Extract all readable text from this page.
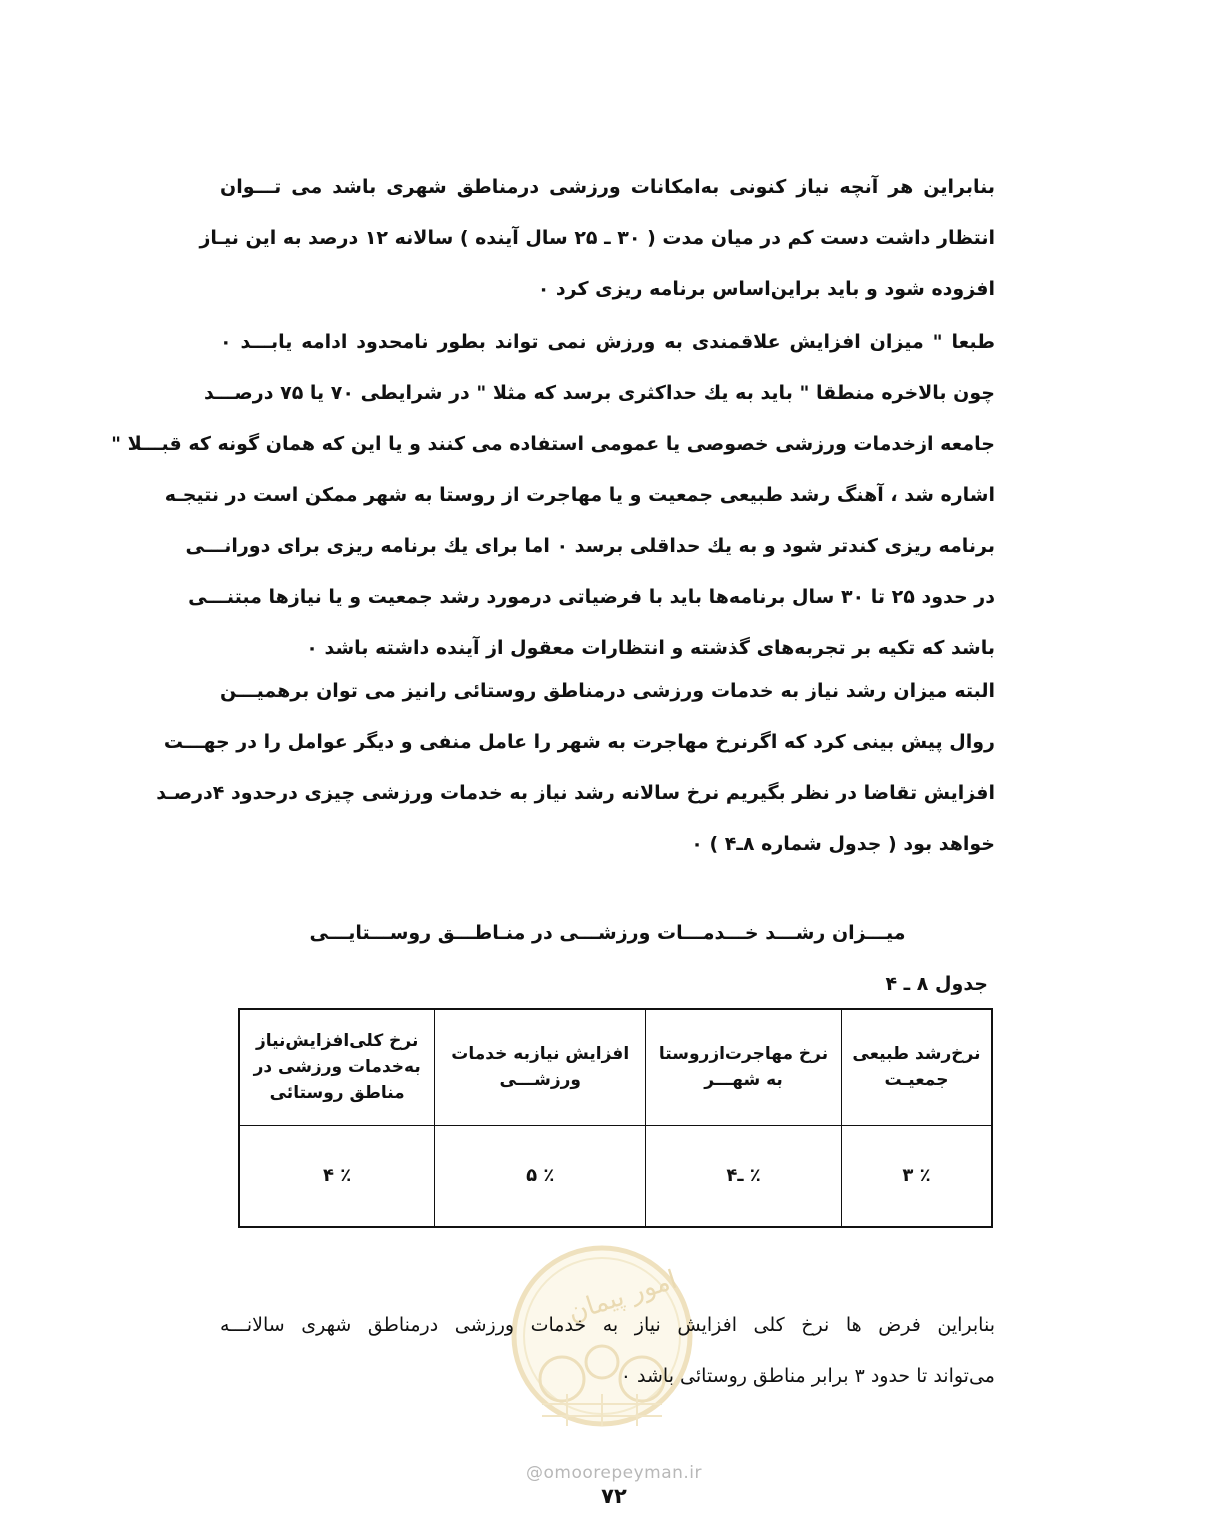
بنابراین هر آنچه نیاز کنونی به‌امکانات ورزشی درمناطق شهری باشد می تـــوان
انتظار داشت دست کم در میان مدت ( ۳۰ ـ ۲۵ سال آینده ) سالانه ۱۲ درصد به این نیـاز
افزوده شود و باید براین‌اساس برنامه ریزی کرد ۰
طبعا " میزان افزایش علاقمندی به ورزش نمی تواند بطور نامحدود ادامه یابـــد ۰
چون بالاخره منطقا " باید به یك حداکثری برسد که مثلا " در شرایطی ۷۰ یا ۷۵ درصـــد
جامعه ازخدمات ورزشی خصوصی یا عمومی استفاده می کنند و یا این که همان گونه که قبـــلا "
اشاره شد ، آهنگ رشد طبیعی جمعیت و یا مهاجرت از روستا به شهر ممکن است در نتیجـه
برنامه ریزی کندتر شود و به یك حداقلی برسد ۰ اما برای یك برنامه ریزی برای دورانـــی
در حدود ۲۵ تا ۳۰ سال برنامه‌ها باید با فرضیاتی درمورد رشد جمعیت و یا نیازها مبتنـــی
باشد که تکیه بر تجربه‌های گذشته و انتظارات معقول از آینده داشته باشد ۰
البته میزان رشد نیاز به خدمات ورزشی درمناطق روستائی رانیز می توان برهمیـــن
روال پیش بینی کرد که اگرنرخ مهاجرت به شهر را عامل منفی و دیگر عوامل را در جهـــت
افزایش تقاضا در نظر بگیریم نرخ سالانه رشد نیاز به خدمات ورزشی چیزی درحدود ۴درصـد
خواهد بود ( جدول شماره ۸ـ۴ ) ۰
میـــزان رشـــد خـــدمـــات ورزشـــی در منـاطـــق روســـتایـــی
جدول ۸ ـ ۴
نرخ‌رشد طبیعی جمعیـت	نرخ مهاجرت‌ازروستا به شهـــر	افزایش نیازبه خدمات ورزشـــی	نرخ کلی‌افزایش‌نیاز به‌خدمات ورزشی در مناطق روستائی
٪ ۳	٪ ـ۴	٪ ۵	٪ ۴
امور پیمان
بنابراین فرض ها نرخ کلی افزایش نیاز به خدمات ورزشی درمناطق شهری سالانـــه
می‌تواند تا حدود ۳ برابر مناطق روستائی باشد ۰
@omoorepeyman.ir
۷۲
